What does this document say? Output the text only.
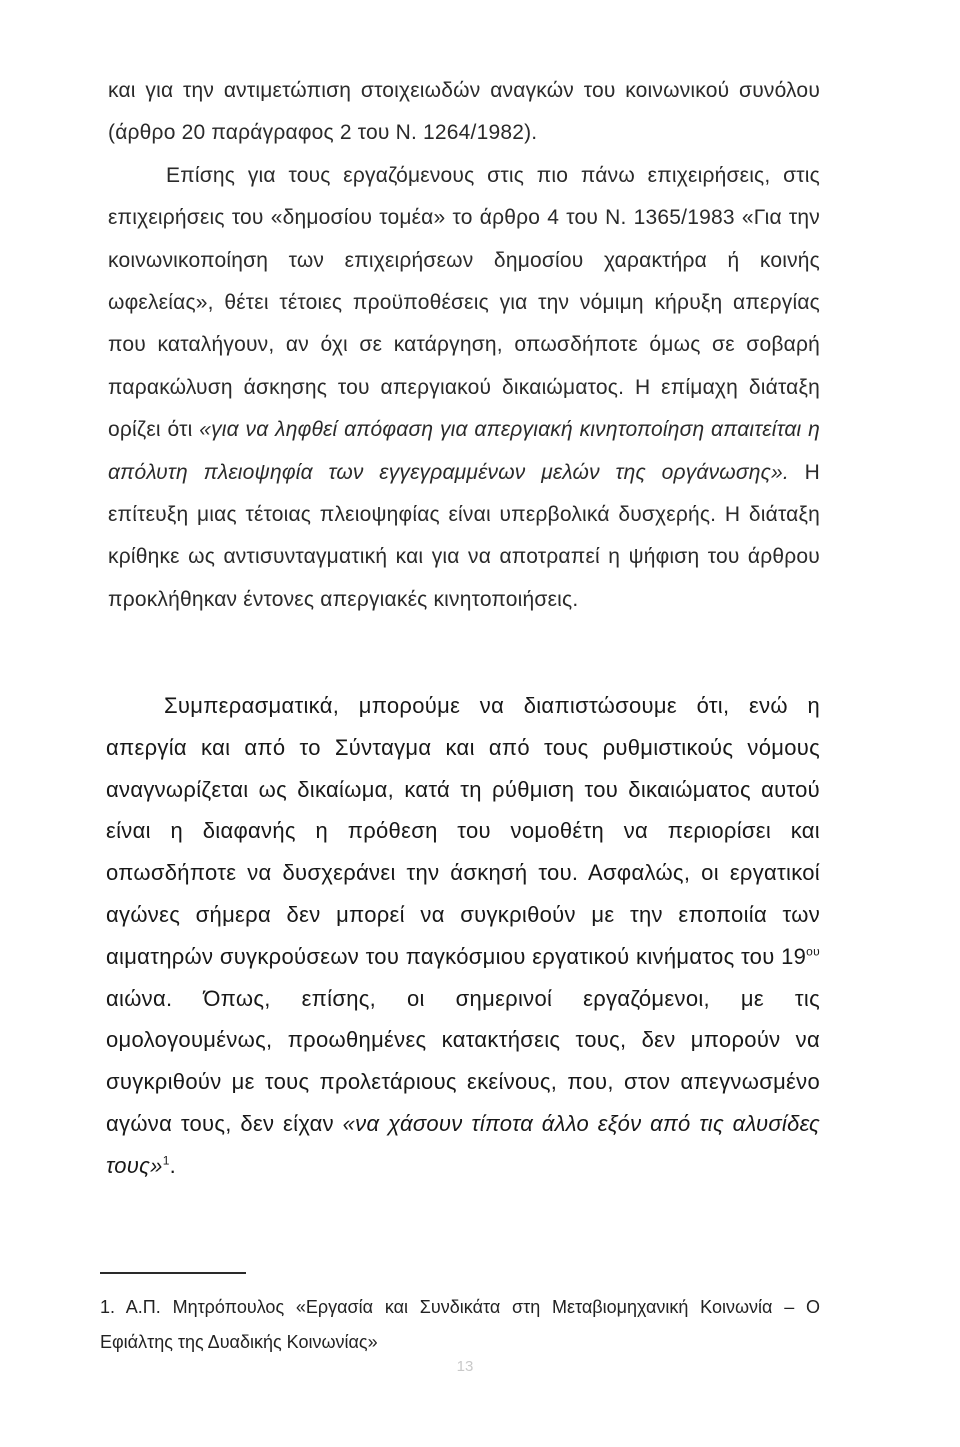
και για την αντιμετώπιση στοιχειωδών αναγκών του κοινωνικού συνόλου (άρθρο 20 παράγραφος 2 του Ν. 1264/1982).

Επίσης για τους εργαζόμενους στις πιο πάνω επιχειρήσεις, στις επιχειρήσεις του «δημοσίου τομέα» το άρθρο 4 του Ν. 1365/1983 «Για την κοινωνικοποίηση των επιχειρήσεων δημοσίου χαρακτήρα ή κοινής ωφελείας», θέτει τέτοιες προϋποθέσεις για την νόμιμη κήρυξη απεργίας που καταλήγουν, αν όχι σε κατάργηση, οπωσδήποτε όμως σε σοβαρή παρακώλυση άσκησης του απεργιακού δικαιώματος. Η επίμαχη διάταξη ορίζει ότι «για να ληφθεί απόφαση για απεργιακή κινητοποίηση απαιτείται η απόλυτη πλειοψηφία των εγγεγραμμένων μελών της οργάνωσης». Η επίτευξη μιας τέτοιας πλειοψηφίας είναι υπερβολικά δυσχερής. Η διάταξη κρίθηκε ως αντισυνταγματική και για να αποτραπεί η ψήφιση του άρθρου προκλήθηκαν έντονες απεργιακές κινητοποιήσεις.

Συμπερασματικά, μπορούμε να διαπιστώσουμε ότι, ενώ η απεργία και από το Σύνταγμα και από τους ρυθμιστικούς νόμους αναγνωρίζεται ως δικαίωμα, κατά τη ρύθμιση του δικαιώματος αυτού είναι η διαφανής η πρόθεση του νομοθέτη να περιορίσει και οπωσδήποτε να δυσχεράνει την άσκησή του. Ασφαλώς, οι εργατικοί αγώνες σήμερα δεν μπορεί να συγκριθούν με την εποποιία των αιματηρών συγκρούσεων του παγκόσμιου εργατικού κινήματος του $19^{o\upsilon}$ αιώνα. Όπως, επίσης, οι σημερινοί εργαζόμενοι, με τις ομολογουμένως, προωθημένες κατακτήσεις τους, δεν μπορούν να συγκριθούν με τους προλετάριους εκείνους, που, στον απεγνωσμένο αγώνα τους, δεν είχαν «να χάσουν τίποτα άλλο εξόν από τις αλυσίδες τους»$^1$.

1. Α.Π. Μητρόπουλος «Εργασία και Συνδικάτα στη Μεταβιομηχανική Κοινωνία – Ο Εφιάλτης της Δυαδικής Κοινωνίας»
13
